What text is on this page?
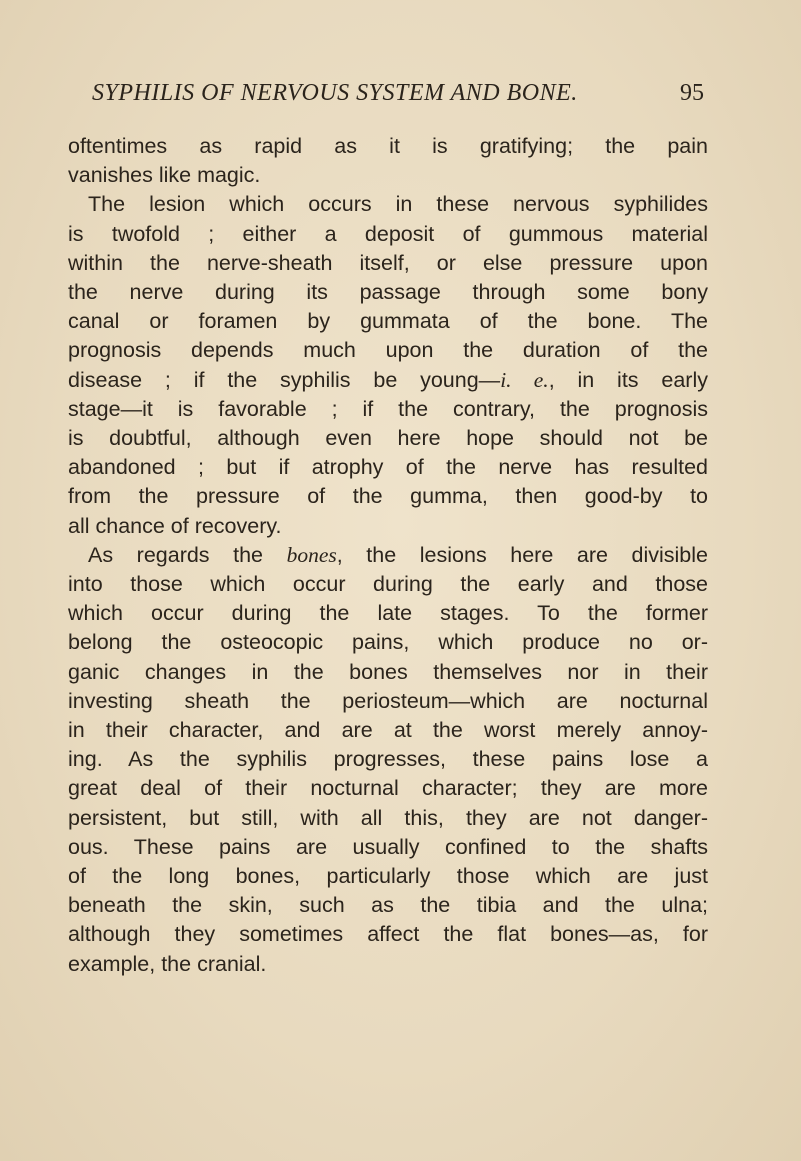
SYPHILIS OF NERVOUS SYSTEM AND BONE.	95
oftentimes as rapid as it is gratifying; the pain
vanishes like magic.
The lesion which occurs in these nervous syphilides
is twofold ; either a deposit of gummous material
within the nerve-sheath itself, or else pressure upon
the nerve during its passage through some bony
canal or foramen by gummata of the bone. The
prognosis depends much upon the duration of the
disease ; if the syphilis be young—i. e., in its early
stage—it is favorable ; if the contrary, the prognosis
is doubtful, although even here hope should not be
abandoned ; but if atrophy of the nerve has resulted
from the pressure of the gumma, then good-by to
all chance of recovery.
As regards the bones, the lesions here are divisible
into those which occur during the early and those
which occur during the late stages. To the former
belong the osteocopic pains, which produce no or-
ganic changes in the bones themselves nor in their
investing sheath the periosteum—which are nocturnal
in their character, and are at the worst merely annoy-
ing. As the syphilis progresses, these pains lose a
great deal of their nocturnal character; they are more
persistent, but still, with all this, they are not danger-
ous. These pains are usually confined to the shafts
of the long bones, particularly those which are just
beneath the skin, such as the tibia and the ulna;
although they sometimes affect the flat bones—as, for
example, the cranial.
